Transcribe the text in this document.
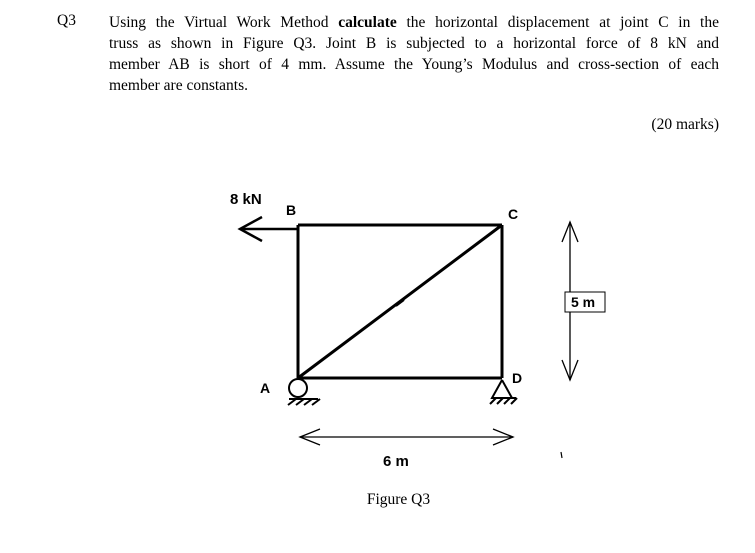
Q3 Using the Virtual Work Method calculate the horizontal displacement at joint C in the
truss as shown in Figure Q3. Joint B is subjected to a horizontal force of 8 kN and
member AB is short of 4 mm. Assume the Young’s Modulus and cross-section of each
member are constants.
(20 marks)
8 kN
B	C
A
D
6 m
5 m
Figure Q3
